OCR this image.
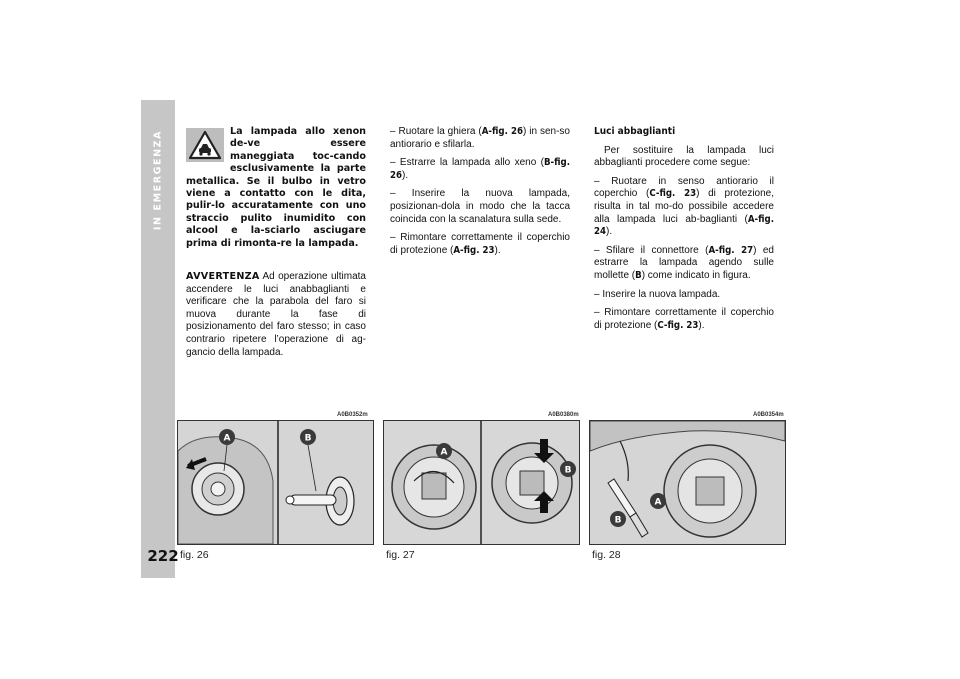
IN EMERGENZA
222
La lampada allo xenon de-ve essere maneggiata toc-cando esclusivamente la parte metallica. Se il bulbo in vetro viene a contatto con le dita, pulir-lo accuratamente con uno straccio pulito inumidito con alcool e la-sciarlo asciugare prima di rimonta-re la lampada.
AVVERTENZA Ad operazione ultimata accendere le luci anabbaglianti e verificare che la parabola del faro si muova durante la fase di posizionamento del faro stesso; in caso contrario ripetere l’operazione di ag-gancio della lampada.

– Ruotare la ghiera (A-fig. 26) in sen-so antiorario e sfilarla.

– Estrarre la lampada allo xeno (B-fig. 26).

– Inserire la nuova lampada, posizionan-dola in modo che la tacca coincida con la scanalatura sulla sede.

– Rimontare correttamente il coperchio di protezione (A-fig. 23).

Luci abbaglianti

Per sostituire la lampada luci abbaglianti procedere come segue:

– Ruotare in senso antiorario il coperchio (C-fig. 23) di protezione, risulta in tal mo-do possibile accedere alla lampada luci ab-baglianti (A-fig. 24).

– Sfilare il connettore (A-fig. 27) ed estrarre la lampada agendo sulle mollette (B) come indicato in figura.

– Inserire la nuova lampada.

– Rimontare correttamente il coperchio di protezione (C-fig. 23).

A0B0352m	A0B0380m	A0B0354m
A	B
A
B
A
B
fig. 26	fig. 27	fig. 28
